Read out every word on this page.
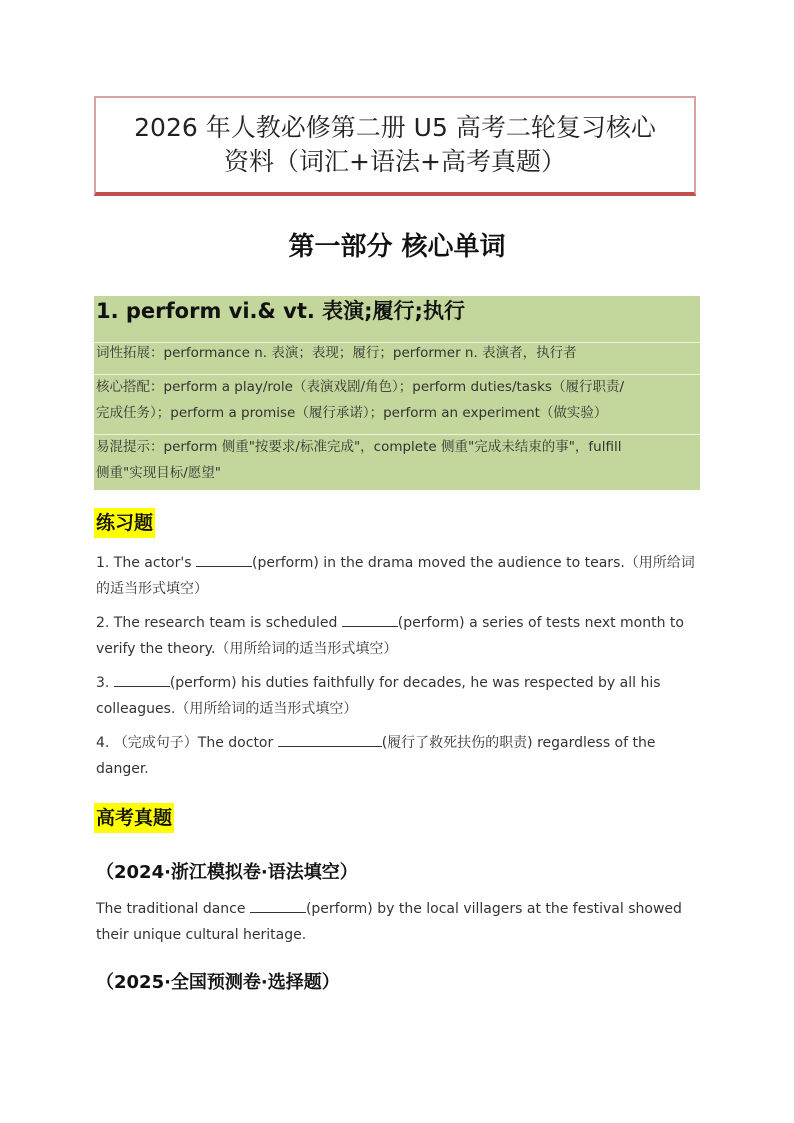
2026 年人教必修第二册 U5 高考二轮复习核心
资料（词汇+语法+高考真题）
第一部分 核心单词
1. perform vi.& vt. 表演;履行;执行
词性拓展：performance n. 表演；表现；履行；performer n. 表演者，执行者
核心搭配：perform a play/role（表演戏剧/角色）；perform duties/tasks（履行职责/
完成任务）；perform a promise（履行承诺）；perform an experiment（做实验）
易混提示：perform 侧重"按要求/标准完成"，complete 侧重"完成未结束的事"，fulfill
侧重"实现目标/愿望"
练习题
1. The actor's	(perform) in the drama moved the audience to tears.（用所给词
的适当形式填空）
2. The research team is scheduled	(perform) a series of tests next month to
verify the theory.（用所给词的适当形式填空）
3.	(perform) his duties faithfully for decades, he was respected by all his
colleagues.（用所给词的适当形式填空）
4. （完成句子）The doctor	(履行了救死扶伤的职责) regardless of the
danger.
高考真题
（2024·浙江模拟卷·语法填空）
The traditional dance	(perform) by the local villagers at the festival showed
their unique cultural heritage.
（2025·全国预测卷·选择题）
